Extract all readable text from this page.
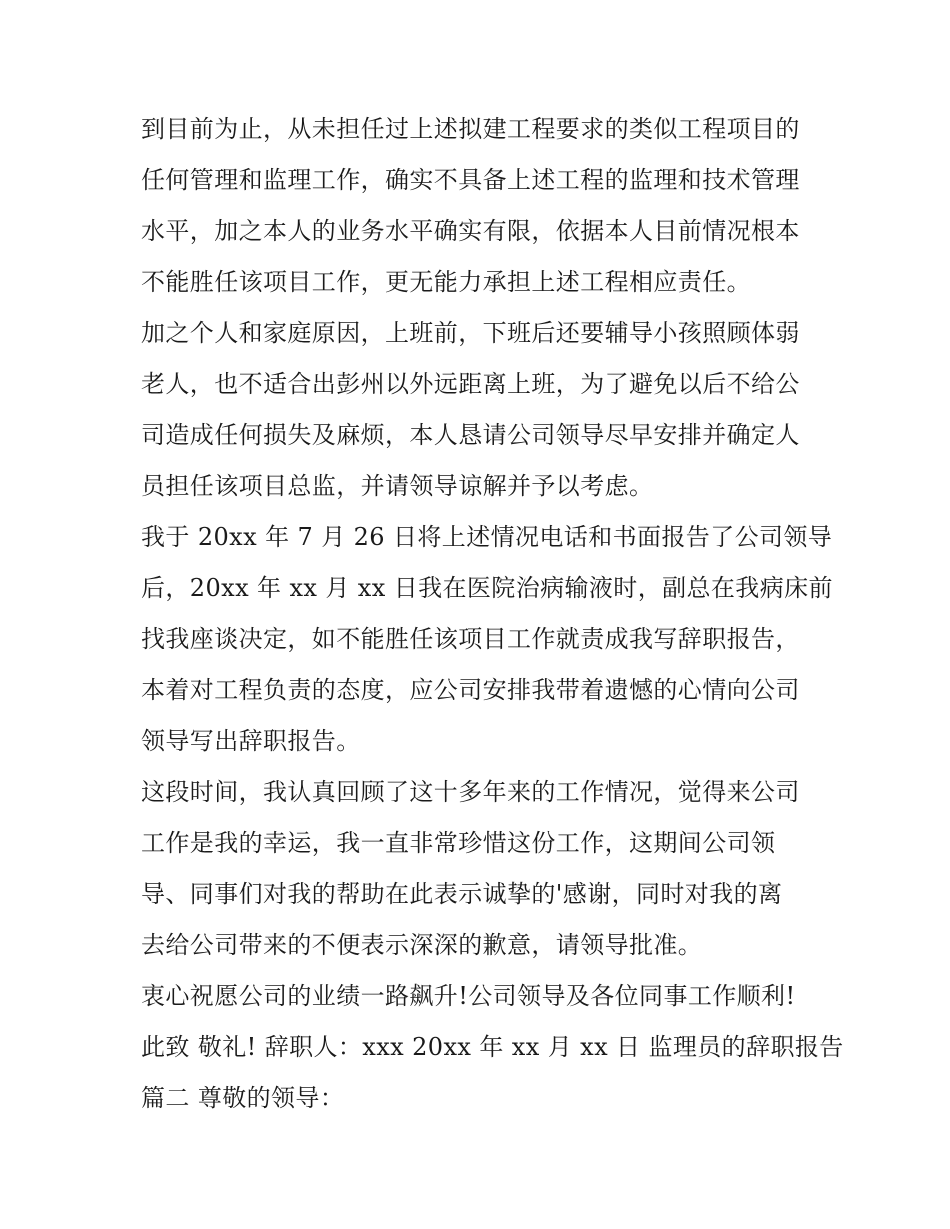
到目前为止，从未担任过上述拟建工程要求的类似工程项目的
任何管理和监理工作，确实不具备上述工程的监理和技术管理
水平，加之本人的业务水平确实有限，依据本人目前情况根本
不能胜任该项目工作，更无能力承担上述工程相应责任。
加之个人和家庭原因，上班前，下班后还要辅导小孩照顾体弱
老人，也不适合出彭州以外远距离上班，为了避免以后不给公
司造成任何损失及麻烦，本人恳请公司领导尽早安排并确定人
员担任该项目总监，并请领导谅解并予以考虑。
我于 20xx 年 7 月 26 日将上述情况电话和书面报告了公司领导
后，20xx 年 xx 月 xx 日我在医院治病输液时，副总在我病床前
找我座谈决定，如不能胜任该项目工作就责成我写辞职报告，
本着对工程负责的态度，应公司安排我带着遗憾的心情向公司
领导写出辞职报告。
这段时间，我认真回顾了这十多年来的工作情况，觉得来公司
工作是我的幸运，我一直非常珍惜这份工作，这期间公司领
导、同事们对我的帮助在此表示诚挚的'感谢，同时对我的离
去给公司带来的不便表示深深的歉意，请领导批准。
衷心祝愿公司的业绩一路飙升!公司领导及各位同事工作顺利!
此致 敬礼! 辞职人：xxx 20xx 年 xx 月 xx 日 监理员的辞职报告
篇二 尊敬的领导：
